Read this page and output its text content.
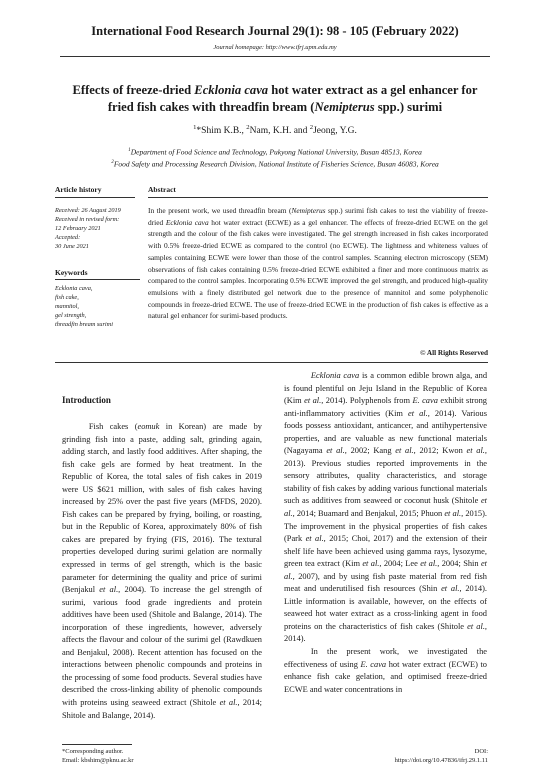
International Food Research Journal 29(1): 98 - 105 (February 2022)
Journal homepage: http://www.ifrj.upm.edu.my
Effects of freeze-dried Ecklonia cava hot water extract as a gel enhancer for
fried fish cakes with threadfin bream (Nemipterus spp.) surimi
$^1$*Shim K.B., $^2$Nam, K.H. and $^2$Jeong, Y.G.
$^1$Department of Food Science and Technology, Pukyong National University, Busan 48513, Korea
$^2$Food Safety and Processing Research Division, National Institute of Fisheries Science, Busan 46083, Korea
Article history
Received: 26 August 2019
Received in revised form:
12 February 2021
Accepted:
30 June 2021
Keywords
Ecklonia cava,
fish cake,
mannitol,
gel strength,
threadfin bream surimi
Abstract
In the present work, we used threadfin bream (Nemipterus spp.) surimi fish cakes to test the viability of freeze-dried Ecklonia cava hot water extract (ECWE) as a gel enhancer. The effects of freeze-dried ECWE on the gel strength and the colour of the fish cakes were investigated. The gel strength increased in fish cakes incorporated with 0.5% freeze-dried ECWE as compared to the control (no ECWE). The lightness and whiteness values of samples containing ECWE were lower than those of the control samples. Scanning electron microscopy (SEM) observations of fish cakes containing 0.5% freeze-dried ECWE exhibited a finer and more continuous matrix as compared to the control samples. Incorporating 0.5% ECWE improved the gel strength, and produced high-quality emulsions with a finely distributed gel network due to the presence of mannitol and some polyphenolic compounds in freeze-dried ECWE. The use of freeze-dried ECWE in the production of fish cakes is effective as a natural gel enhancer for surimi-based products.
© All Rights Reserved
Introduction

Fish cakes (eomuk in Korean) are made by grinding fish into a paste, adding salt, grinding again, adding starch, and lastly food additives. After shaping, the fish cake gels are formed by heat treatment. In the Republic of Korea, the total sales of fish cakes in 2019 were US $621 million, with sales of fish cakes having increased by 25% over the past five years (MFDS, 2020). Fish cakes can be prepared by frying, boiling, or roasting, but in the Republic of Korea, approximately 80% of fish cakes are prepared by frying (FIS, 2016). The textural properties developed during surimi gelation are normally expressed in terms of gel strength, which is the basic parameter for determining the quality and price of surimi (Benjakul et al., 2004). To increase the gel strength of surimi, various food grade ingredients and protein additives have been used (Shitole and Balange, 2014). The incorporation of these ingredients, however, adversely affects the flavour and colour of the surimi gel (Rawdkuen and Benjakul, 2008). Recent attention has focused on the interactions between phenolic compounds and proteins in the processing of some food products. Several studies have described the cross-linking ability of phenolic compounds with proteins using seaweed extract (Shitole et al., 2014; Shitole and Balange, 2014).

Ecklonia cava is a common edible brown alga, and is found plentiful on Jeju Island in the Republic of Korea (Kim et al., 2014). Polyphenols from E. cava exhibit strong anti-inflammatory activities (Kim et al., 2014). Various foods possess antioxidant, anticancer, and antihypertensive properties, and are valuable as new functional materials (Nagayama et al., 2002; Kang et al., 2012; Kwon et al., 2013). Previous studies reported improvements in the sensory attributes, quality characteristics, and storage stability of fish cakes by adding various functional materials such as additives from seaweed or coconut husk (Shitole et al., 2014; Buamard and Benjakul, 2015; Phuon et al., 2015). The improvement in the physical properties of fish cakes (Park et al., 2015; Choi, 2017) and the extension of their shelf life have been achieved using gamma rays, lysozyme, green tea extract (Kim et al., 2004; Lee et al., 2004; Shin et al., 2007), and by using fish paste material from red fish meat and underutilised fish resources (Shin et al., 2014). Little information is available, however, on the effects of seaweed hot water extract as a cross-linking agent in food proteins on the characteristics of fish cakes (Shitole et al., 2014).

In the present work, we investigated the effectiveness of using E. cava hot water extract (ECWE) to enhance fish cake gelation, and optimised freeze-dried ECWE and water concentrations in

*Corresponding author.
Email: kbshim@pknu.ac.kr
DOI:
https://doi.org/10.47836/ifrj.29.1.11
